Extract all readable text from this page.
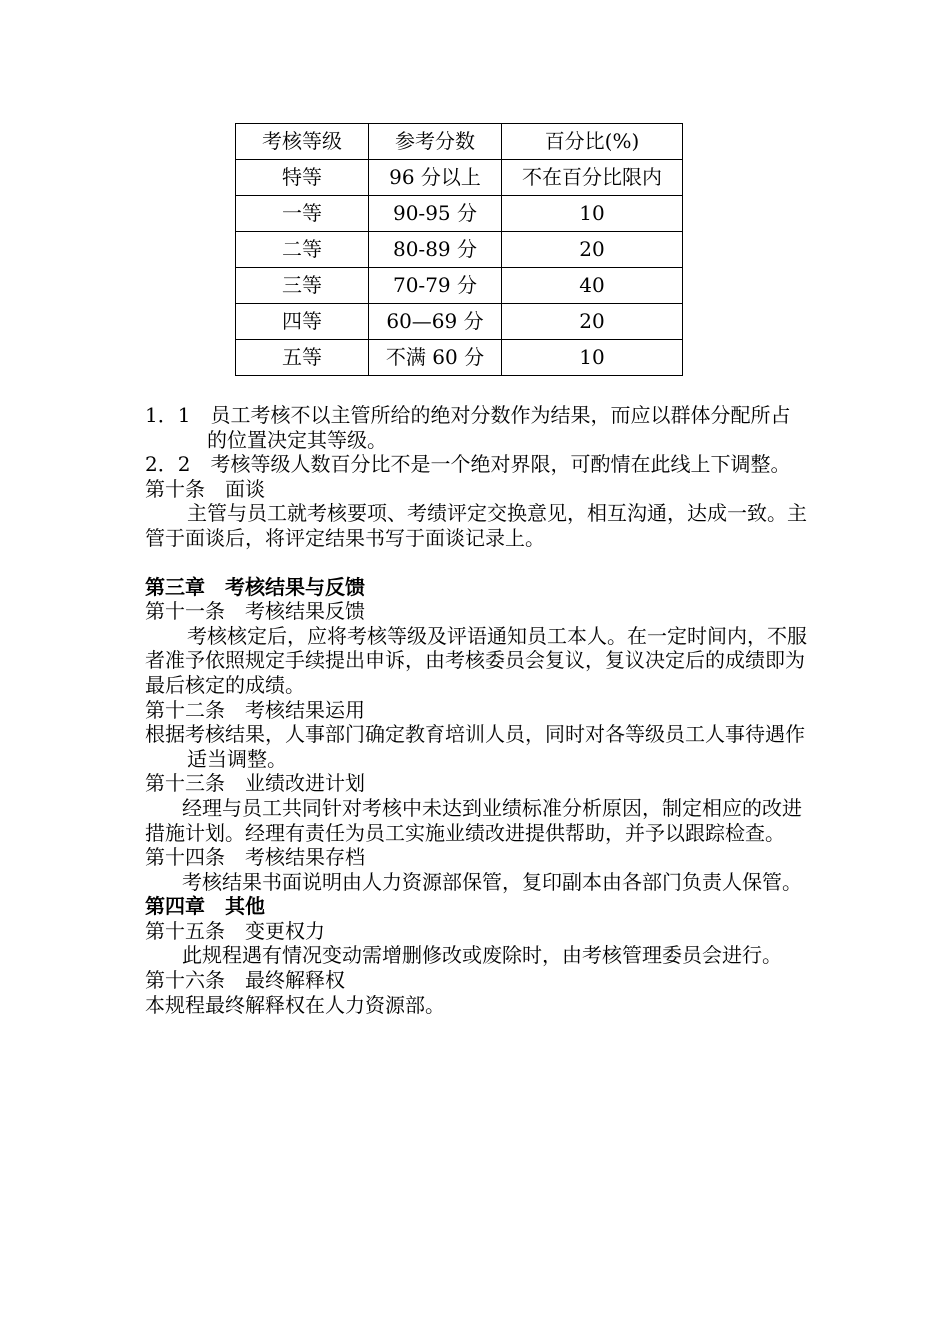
考核等级	参考分数	百分比(%)
特等	96 分以上	不在百分比限内
一等	90-95 分	10
二等	80-89 分	20
三等	70-79 分	40
四等	60—69 分	20
五等	不满 60 分	10

1．1　员工考核不以主管所给的绝对分数作为结果，而应以群体分配所占的位置决定其等级。

2．2　考核等级人数百分比不是一个绝对界限，可酌情在此线上下调整。

第十条　面谈

主管与员工就考核要项、考绩评定交换意见，相互沟通，达成一致。主管于面谈后，将评定结果书写于面谈记录上。

第三章　考核结果与反馈

第十一条　考核结果反馈

考核核定后，应将考核等级及评语通知员工本人。在一定时间内，不服者准予依照规定手续提出申诉，由考核委员会复议，复议决定后的成绩即为最后核定的成绩。

第十二条　考核结果运用

根据考核结果，人事部门确定教育培训人员，同时对各等级员工人事待遇作适当调整。

第十三条　业绩改进计划

经理与员工共同针对考核中未达到业绩标准分析原因，制定相应的改进措施计划。经理有责任为员工实施业绩改进提供帮助，并予以跟踪检查。

第十四条　考核结果存档

考核结果书面说明由人力资源部保管，复印副本由各部门负责人保管。

第四章　其他

第十五条　变更权力

此规程遇有情况变动需增删修改或废除时，由考核管理委员会进行。

第十六条　最终解释权

本规程最终解释权在人力资源部。
